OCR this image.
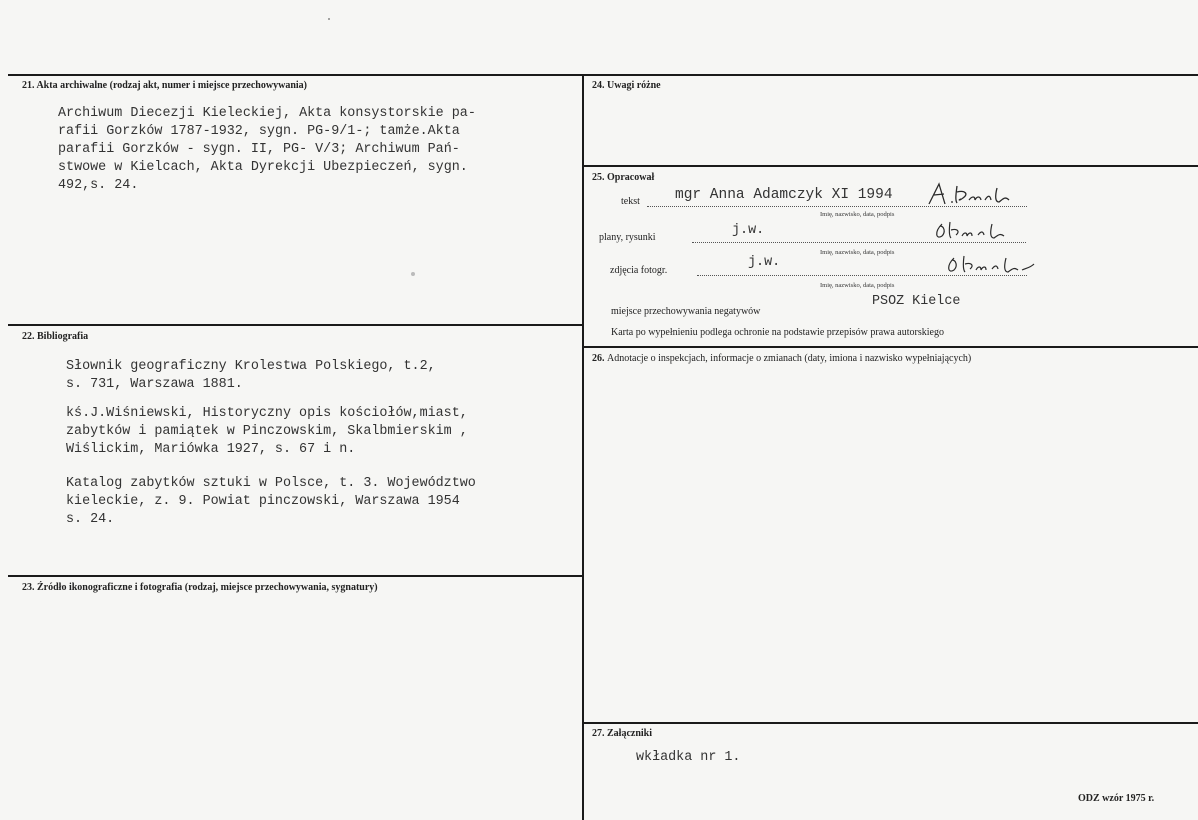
21. Akta archiwalne (rodzaj akt, numer i miejsce przechowywania)
Archiwum Diecezji Kieleckiej, Akta konsystorskie pa-
rafii Gorzków 1787-1932, sygn. PG-9/1-; tamże.Akta
parafii Gorzków - sygn. II, PG- V/3; Archiwum Pań-
stwowe w Kielcach, Akta Dyrekcji Ubezpieczeń, sygn.
492,s. 24.
22. Bibliografia
Słownik geograficzny Krolestwa Polskiego, t.2,
s. 731, Warszawa 1881.
kś.J.Wiśniewski, Historyczny opis kościołów,miast,
zabytków i pamiątek w Pinczowskim, Skalbmierskim ,
Wiślickim, Mariówka 1927, s. 67 i n.
Katalog zabytków sztuki w Polsce, t. 3. Województwo
kieleckie, z. 9. Powiat pinczowski, Warszawa 1954
s. 24.
23. Źródło ikonograficzne i fotografia (rodzaj, miejsce przechowywania, sygnatury)
24. Uwagi różne
25. Opracował
tekst mgr Anna Adamczyk XI 1994
Imię, nazwisko, data, podpis
plany, rysunki	j.w.
Imię, nazwisko, data, podpis
zdjęcia fotogr.
j.w.
Imię, nazwisko, data, podpis
miejsce przechowywania negatywów
PSOZ Kielce
Karta po wypełnieniu podlega ochronie na podstawie przepisów prawa autorskiego
26. Adnotacje o inspekcjach, informacje o zmianach (daty, imiona i nazwisko wypełniających)
27. Załączniki
wkładka nr 1.
ODZ wzór 1975 r.
